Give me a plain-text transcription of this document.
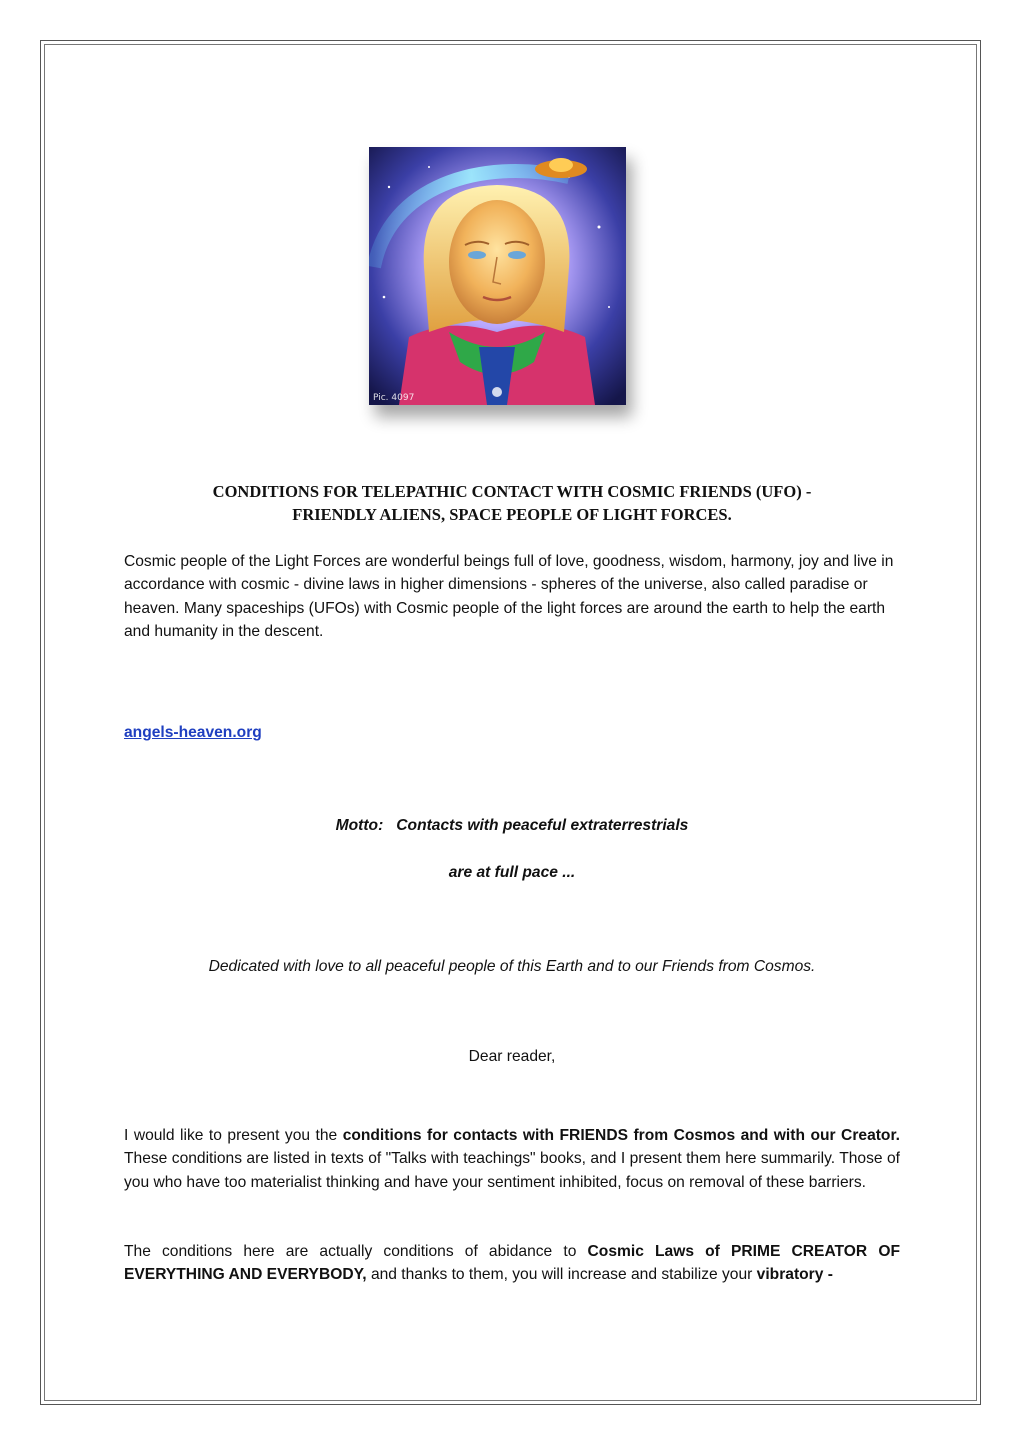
Pic. 4097
CONDITIONS FOR TELEPATHIC CONTACT WITH COSMIC FRIENDS (UFO) -
FRIENDLY ALIENS, SPACE PEOPLE OF LIGHT FORCES.
Cosmic people of the Light Forces are wonderful beings full of love, goodness, wisdom, harmony, joy and live in accordance with cosmic - divine laws in higher dimensions - spheres of the universe, also called paradise or heaven. Many spaceships (UFOs) with Cosmic people of the light forces are around the earth to help the earth and humanity in the descent.
angels-heaven.org
Motto: Contacts with peaceful extraterrestrials
are at full pace ...
Dedicated with love to all peaceful people of this Earth and to our Friends from Cosmos.
Dear reader,
I would like to present you the conditions for contacts with FRIENDS from Cosmos and with our Creator. These conditions are listed in texts of "Talks with teachings" books, and I present them here summarily. Those of you who have too materialist thinking and have your sentiment inhibited, focus on removal of these barriers.
The conditions here are actually conditions of abidance to Cosmic Laws of PRIME CREATOR OF EVERYTHING AND EVERYBODY, and thanks to them, you will increase and stabilize your vibratory -
